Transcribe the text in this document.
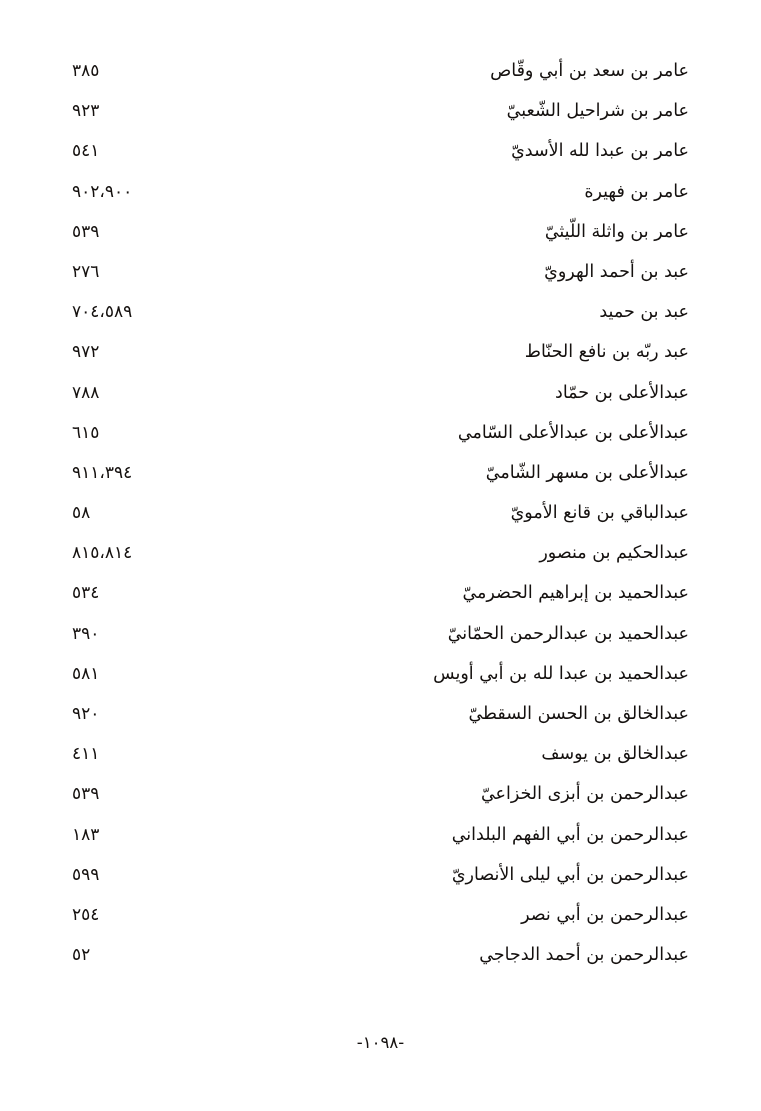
عامر بن سعد بن أبي وقّاص
٣٨٥
عامر بن شراحيل الشّعبيّ
٩٢٣
عامر بن عبدا لله الأسديّ
٥٤١
عامر بن فهيرة
٩٠٢،٩٠٠
عامر بن واثلة اللّيثيّ
٥٣٩
عبد بن أحمد الهرويّ
٢٧٦
عبد بن حميد
٧٠٤،٥٨٩
عبد ربّه بن نافع الحنّاط
٩٧٢
عبدالأعلى بن حمّاد
٧٨٨
عبدالأعلى بن عبدالأعلى السّامي
٦١٥
عبدالأعلى بن مسهر الشّاميّ
٩١١،٣٩٤
عبدالباقي بن قانع الأمويّ
٥٨
عبدالحكيم بن منصور
٨١٥،٨١٤
عبدالحميد بن إبراهيم الحضرميّ
٥٣٤
عبدالحميد بن عبدالرحمن الحمّانيّ
٣٩٠
عبدالحميد بن عبدا لله بن أبي أويس
٥٨١
عبدالخالق بن الحسن السقطيّ
٩٢٠
عبدالخالق بن يوسف
٤١١
عبدالرحمن بن أبزى الخزاعيّ
٥٣٩
عبدالرحمن بن أبي الفهم البلداني
١٨٣
عبدالرحمن بن أبي ليلى الأنصاريّ
٥٩٩
عبدالرحمن بن أبي نصر
٢٥٤
عبدالرحمن بن أحمد الدجاجي
٥٢
-١٠٩٨-
